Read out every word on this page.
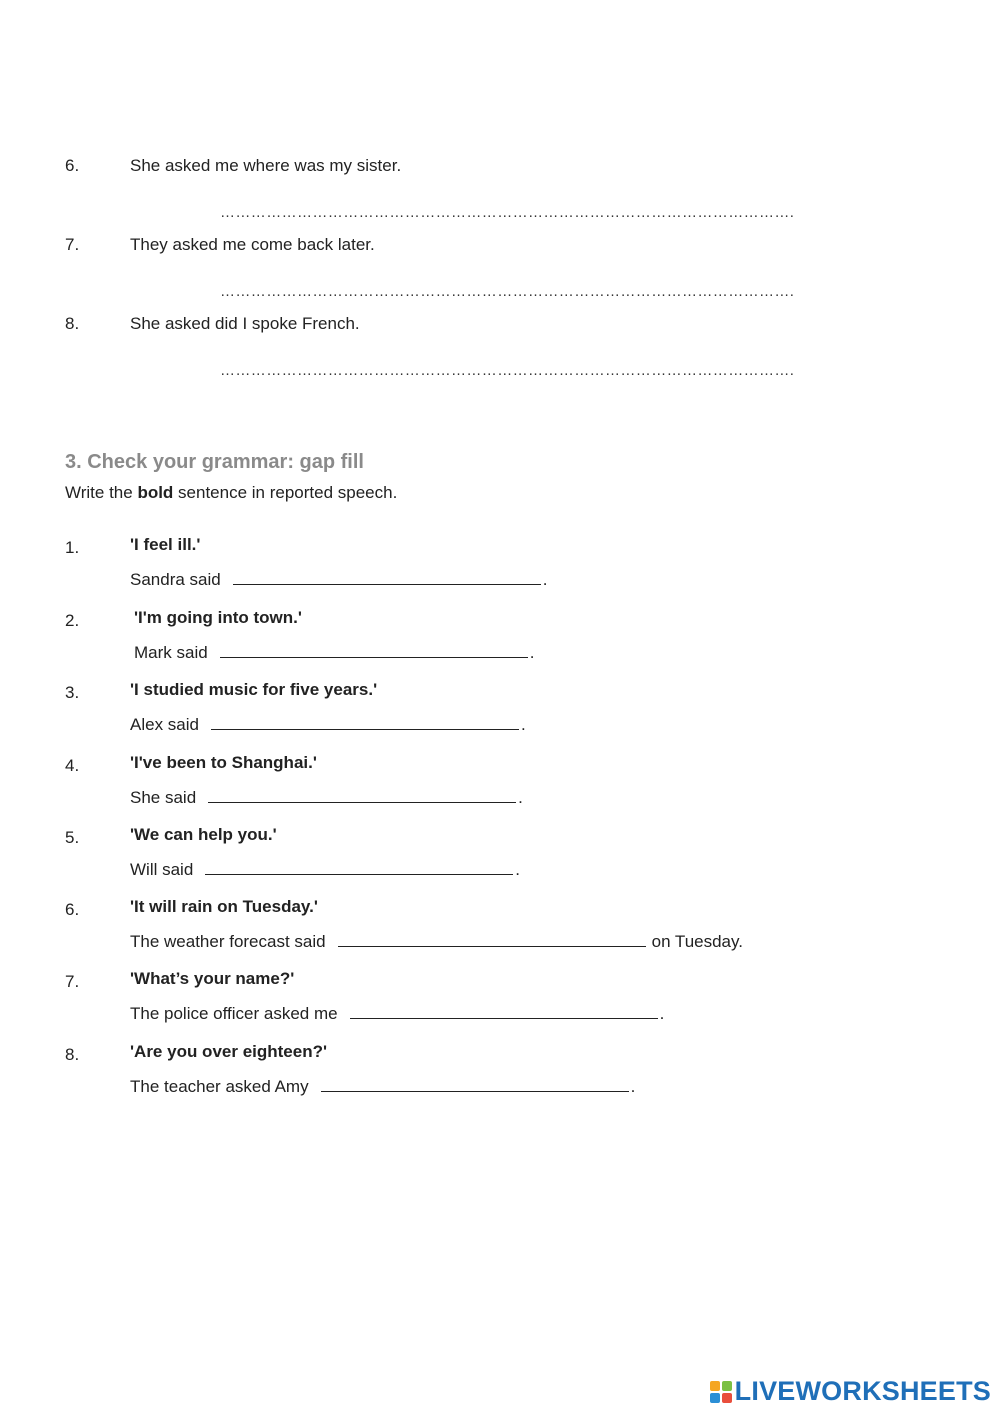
6.	She asked me where was my sister.
………………………………………………………………………………………………….
7.	They asked me come back later.
………………………………………………………………………………………………….
8.	She asked did I spoke French.
………………………………………………………………………………………………….
3. Check your grammar: gap fill
Write the bold sentence in reported speech.
1.	'I feel ill.'
Sandra said	.
2.	'I'm going into town.'
Mark said	.
3.	'I studied music for five years.'
Alex said	.
4.	'I've been to Shanghai.'
She said	.
5.	'We can help you.'
Will said	.
6.	'It will rain on Tuesday.'
The weather forecast said	on Tuesday.
7.	'What’s your name?'
The police officer asked me	.
8.	'Are you over eighteen?'
The teacher asked Amy	.
LIVEWORKSHEETS
